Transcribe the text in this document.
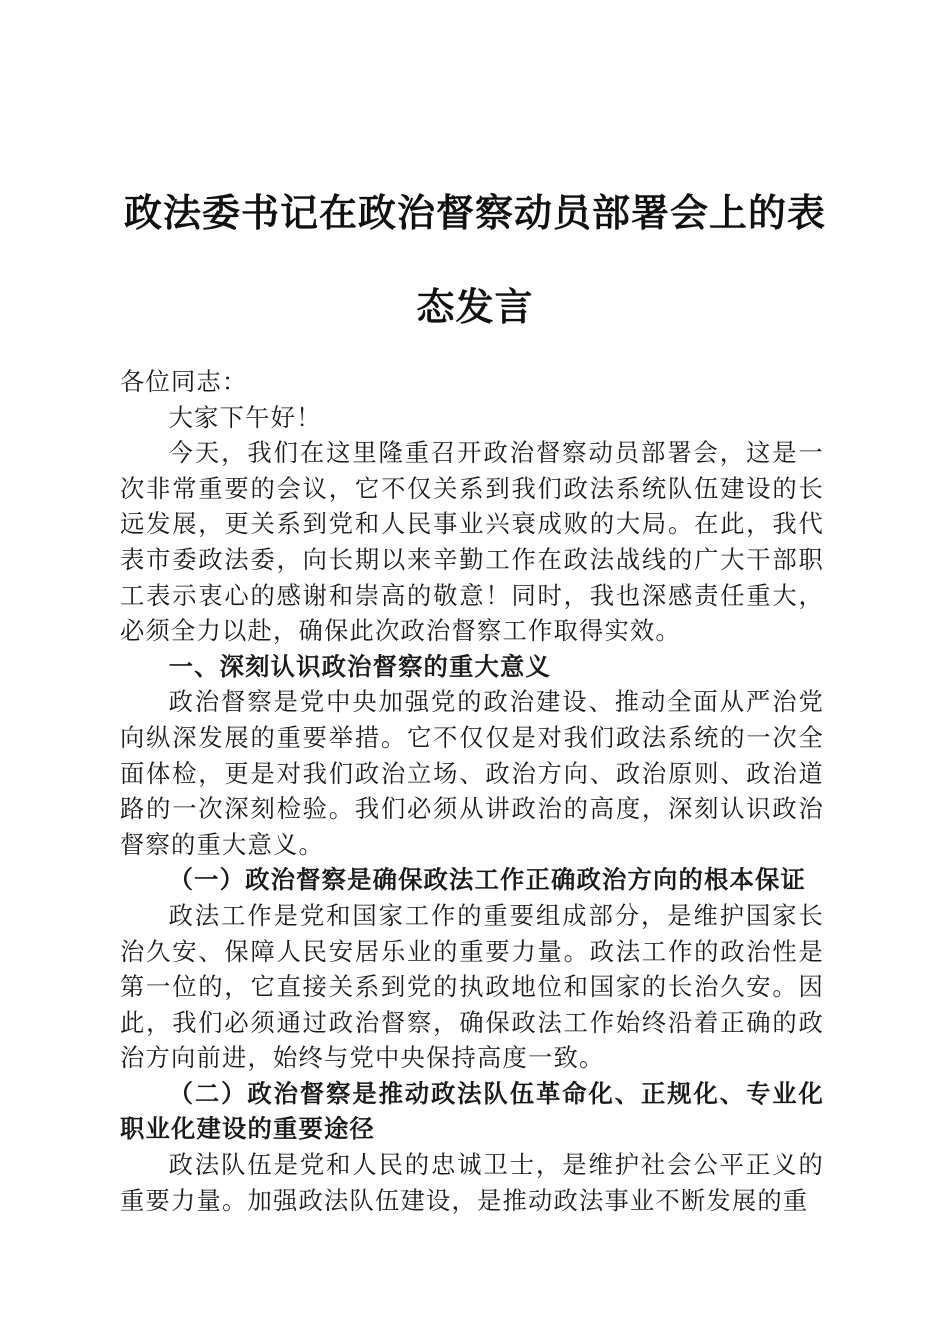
政法委书记在政治督察动员部署会上的表态发言

各位同志：

大家下午好！

今天，我们在这里隆重召开政治督察动员部署会，这是一次非常重要的会议，它不仅关系到我们政法系统队伍建设的长远发展，更关系到党和人民事业兴衰成败的大局。在此，我代表市委政法委，向长期以来辛勤工作在政法战线的广大干部职工表示衷心的感谢和崇高的敬意！同时，我也深感责任重大，必须全力以赴，确保此次政治督察工作取得实效。

一、深刻认识政治督察的重大意义

政治督察是党中央加强党的政治建设、推动全面从严治党向纵深发展的重要举措。它不仅仅是对我们政法系统的一次全面体检，更是对我们政治立场、政治方向、政治原则、政治道路的一次深刻检验。我们必须从讲政治的高度，深刻认识政治督察的重大意义。

（一）政治督察是确保政法工作正确政治方向的根本保证

政法工作是党和国家工作的重要组成部分，是维护国家长治久安、保障人民安居乐业的重要力量。政法工作的政治性是第一位的，它直接关系到党的执政地位和国家的长治久安。因此，我们必须通过政治督察，确保政法工作始终沿着正确的政治方向前进，始终与党中央保持高度一致。

（二）政治督察是推动政法队伍革命化、正规化、专业化职业化建设的重要途径

政法队伍是党和人民的忠诚卫士，是维护社会公平正义的重要力量。加强政法队伍建设，是推动政法事业不断发展的重
